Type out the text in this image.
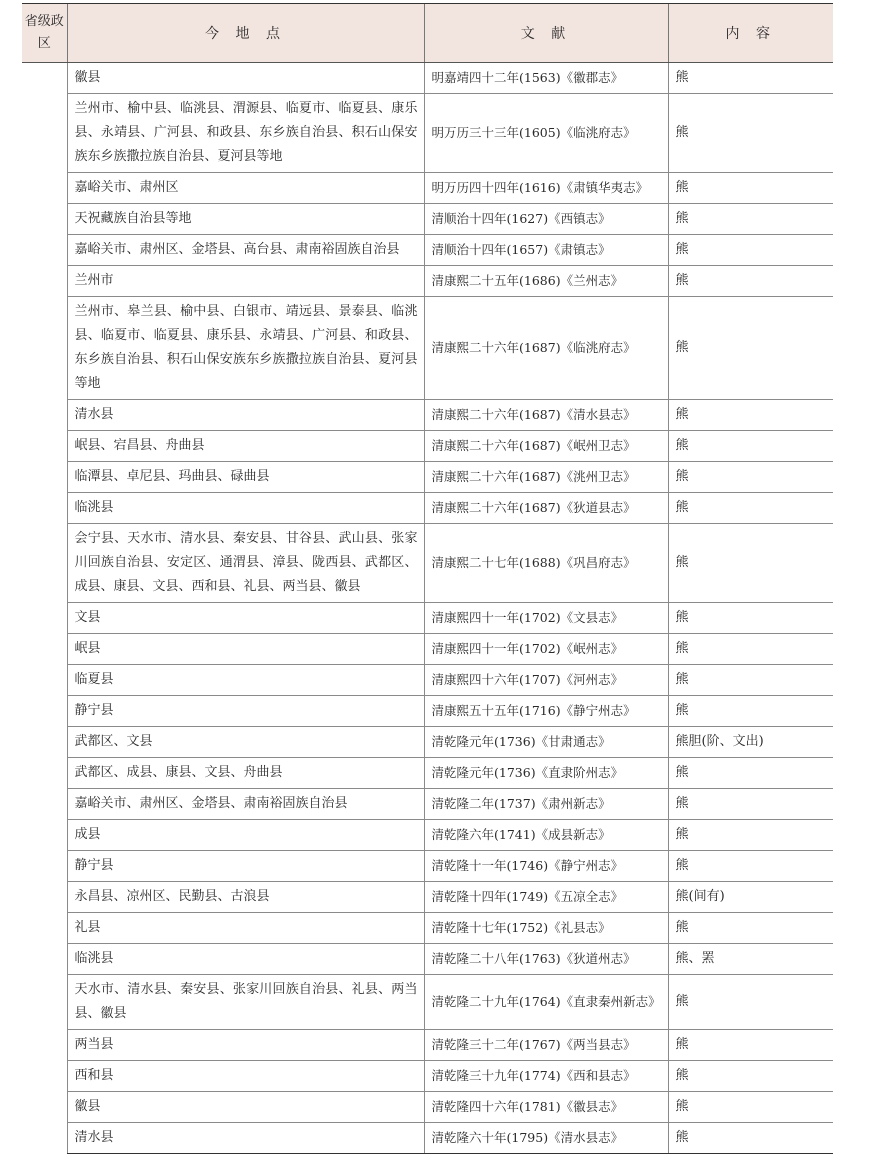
省级政区	今 地 点	文 献	内 容
	徽县	明嘉靖四十二年(1563)《徽郡志》	熊
	兰州市、榆中县、临洮县、渭源县、临夏市、临夏县、康乐县、永靖县、广河县、和政县、东乡族自治县、积石山保安族东乡族撒拉族自治县、夏河县等地	明万历三十三年(1605)《临洮府志》	熊
	嘉峪关市、肃州区	明万历四十四年(1616)《肃镇华夷志》	熊
	天祝藏族自治县等地	清顺治十四年(1627)《西镇志》	熊
	嘉峪关市、肃州区、金塔县、高台县、肃南裕固族自治县	清顺治十四年(1657)《肃镇志》	熊
	兰州市	清康熙二十五年(1686)《兰州志》	熊
	兰州市、皋兰县、榆中县、白银市、靖远县、景泰县、临洮县、临夏市、临夏县、康乐县、永靖县、广河县、和政县、东乡族自治县、积石山保安族东乡族撒拉族自治县、夏河县等地	清康熙二十六年(1687)《临洮府志》	熊
	清水县	清康熙二十六年(1687)《清水县志》	熊
	岷县、宕昌县、舟曲县	清康熙二十六年(1687)《岷州卫志》	熊
	临潭县、卓尼县、玛曲县、碌曲县	清康熙二十六年(1687)《洮州卫志》	熊
	临洮县	清康熙二十六年(1687)《狄道县志》	熊
	会宁县、天水市、清水县、秦安县、甘谷县、武山县、张家川回族自治县、安定区、通渭县、漳县、陇西县、武都区、成县、康县、文县、西和县、礼县、两当县、徽县	清康熙二十七年(1688)《巩昌府志》	熊
	文县	清康熙四十一年(1702)《文县志》	熊
	岷县	清康熙四十一年(1702)《岷州志》	熊
	临夏县	清康熙四十六年(1707)《河州志》	熊
	静宁县	清康熙五十五年(1716)《静宁州志》	熊
	武都区、文县	清乾隆元年(1736)《甘肃通志》	熊胆(阶、文出)
	武都区、成县、康县、文县、舟曲县	清乾隆元年(1736)《直隶阶州志》	熊
	嘉峪关市、肃州区、金塔县、肃南裕固族自治县	清乾隆二年(1737)《肃州新志》	熊
	成县	清乾隆六年(1741)《成县新志》	熊
	静宁县	清乾隆十一年(1746)《静宁州志》	熊
	永昌县、凉州区、民勤县、古浪县	清乾隆十四年(1749)《五凉全志》	熊(间有)
	礼县	清乾隆十七年(1752)《礼县志》	熊
	临洮县	清乾隆二十八年(1763)《狄道州志》	熊、罴
	天水市、清水县、秦安县、张家川回族自治县、礼县、两当县、徽县	清乾隆二十九年(1764)《直隶秦州新志》	熊
	两当县	清乾隆三十二年(1767)《两当县志》	熊
	西和县	清乾隆三十九年(1774)《西和县志》	熊
	徽县	清乾隆四十六年(1781)《徽县志》	熊
	清水县	清乾隆六十年(1795)《清水县志》	熊
